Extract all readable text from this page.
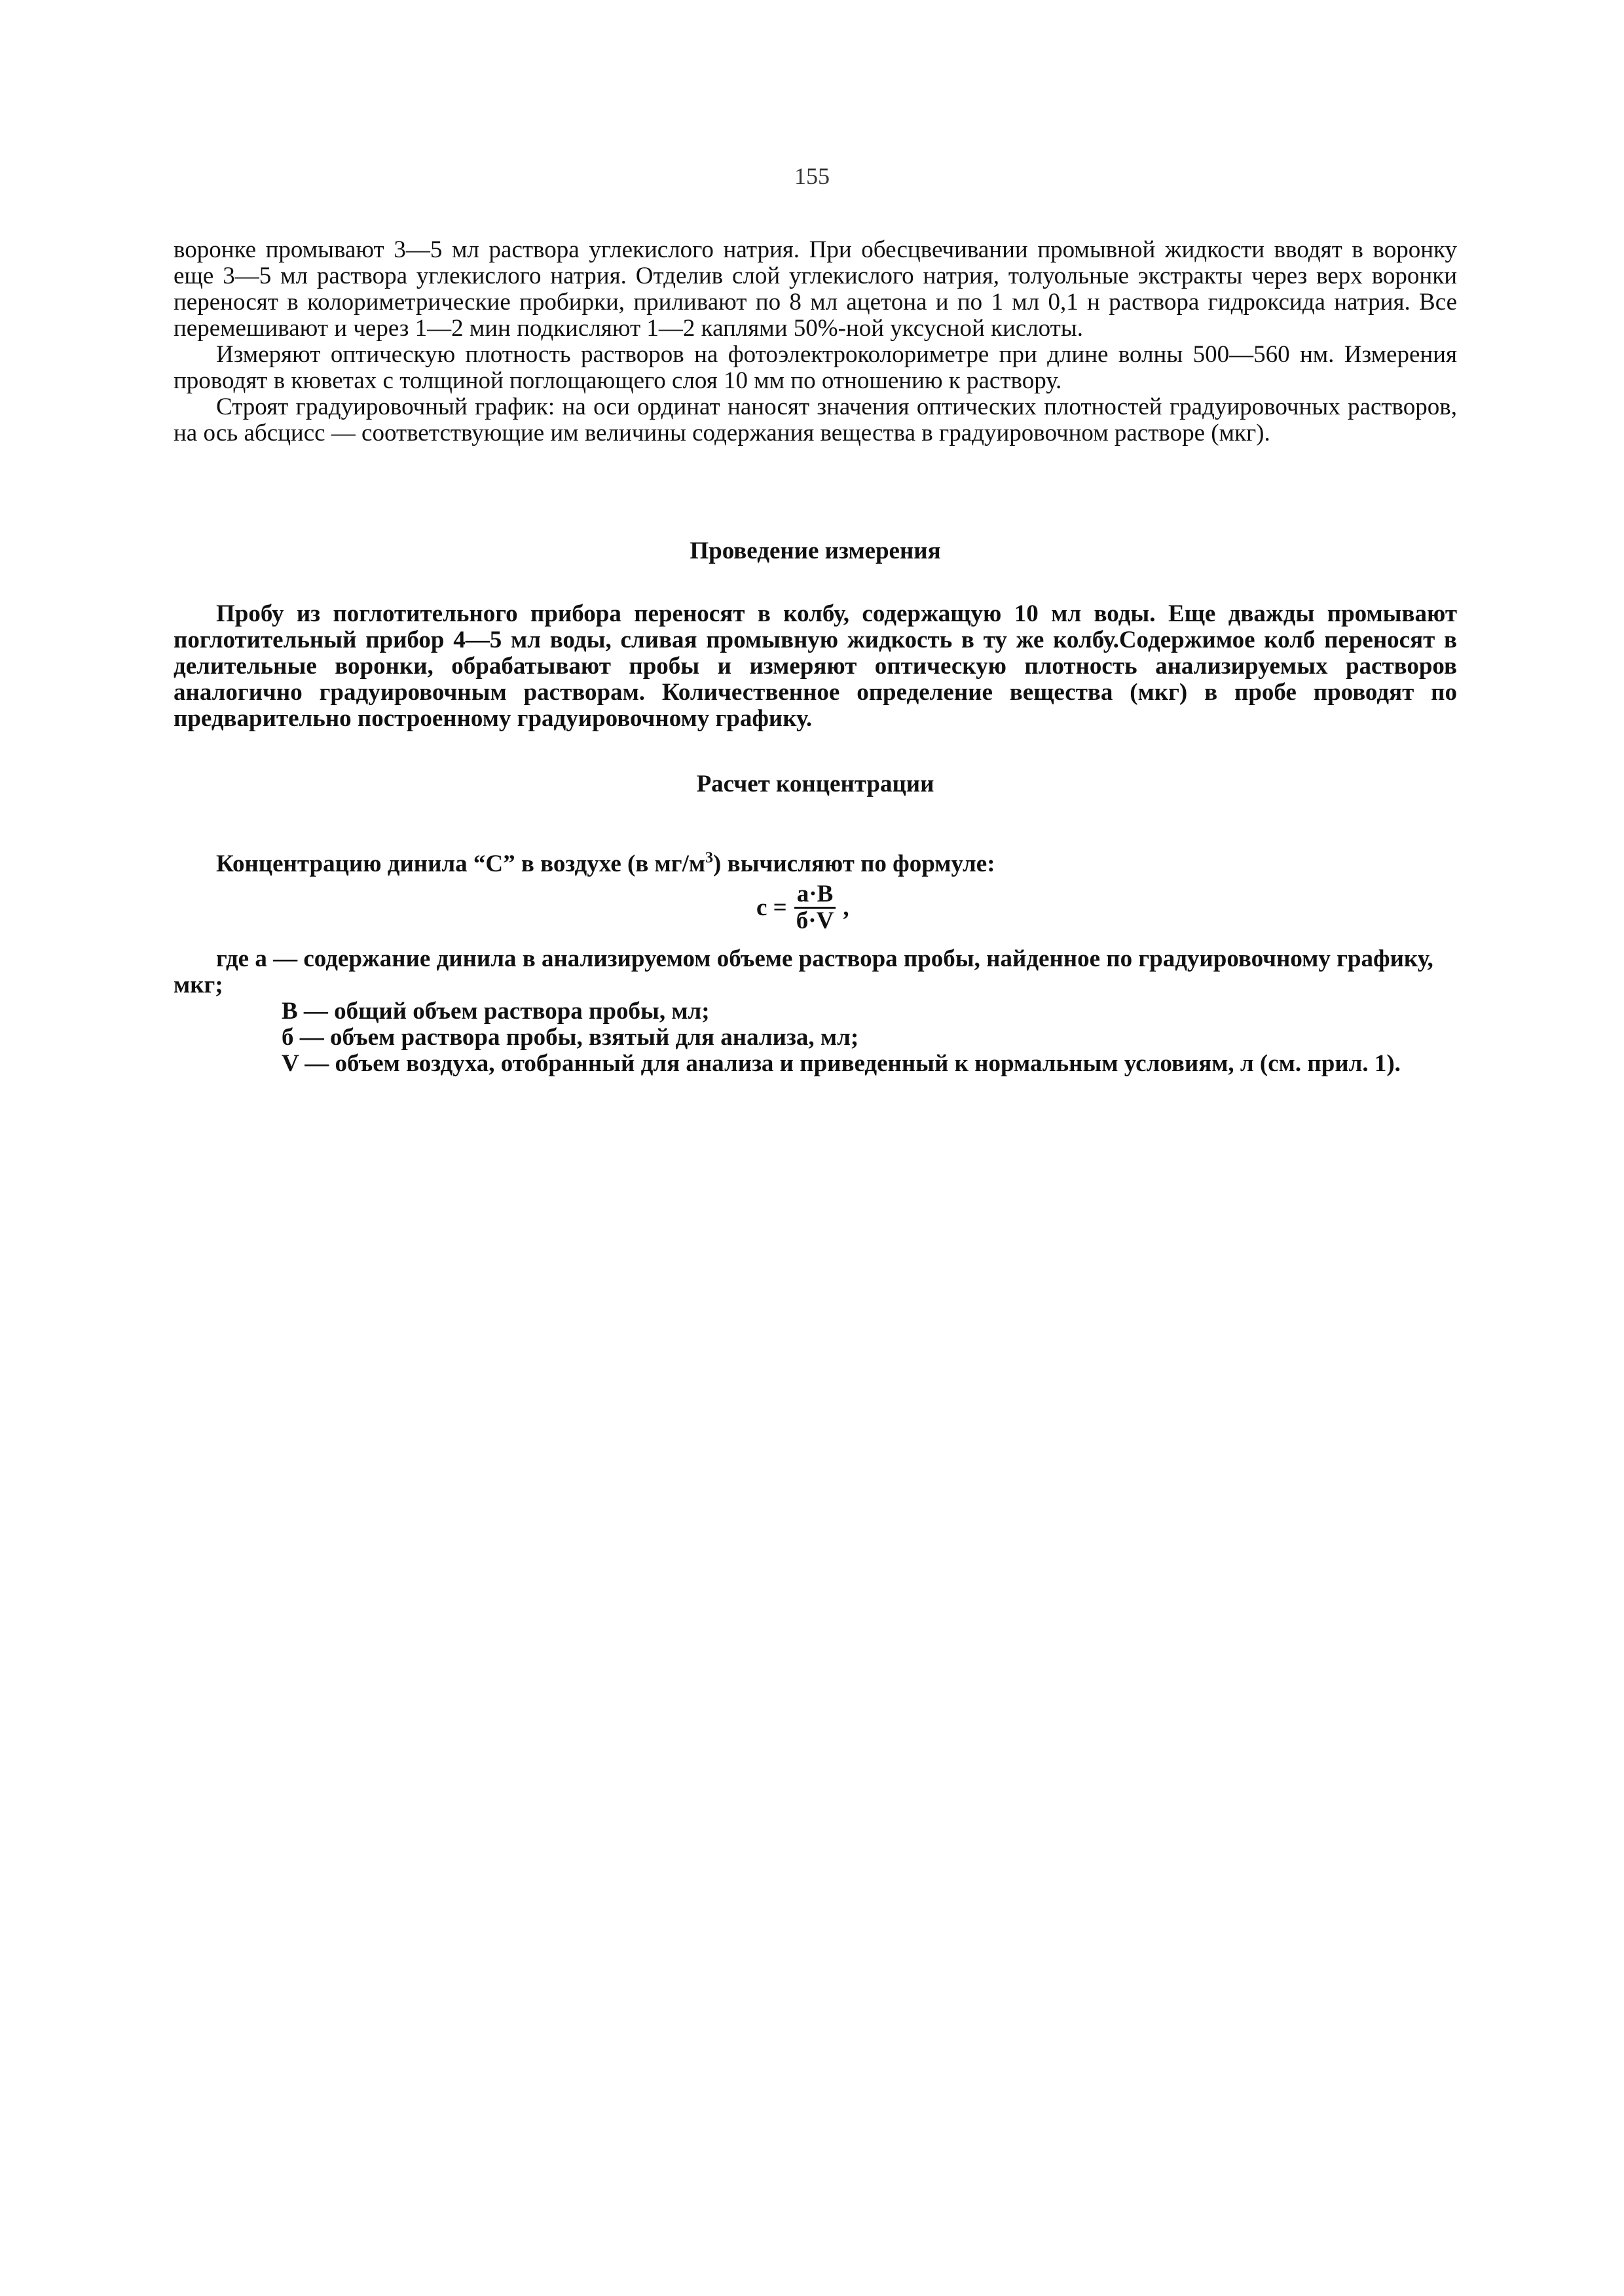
155

воронке промывают 3—5 мл раствора углекислого натрия. При обесцвечивании промывной жидкости вводят в воронку еще 3—5 мл раствора углекислого натрия. Отделив слой углекислого натрия, толуольные экстракты через верх воронки переносят в колориметрические пробирки, приливают по 8 мл ацетона и по 1 мл 0,1 н раствора гидроксида натрия. Все перемешивают и через 1—2 мин подкисляют 1—2 каплями 50%-ной уксусной кислоты.

Измеряют оптическую плотность растворов на фотоэлектроколориметре при длине волны 500—560 нм. Измерения проводят в кюветах с толщиной поглощающего слоя 10 мм по отношению к раствору.

Строят градуировочный график: на оси ординат наносят значения оптических плотностей градуировочных растворов, на ось абсцисс — соответствующие им величины содержания вещества в градуировочном растворе (мкг).

Проведение измерения

Пробу из поглотительного прибора переносят в колбу, содержащую 10 мл воды. Еще дважды промывают поглотительный прибор 4—5 мл воды, сливая промывную жидкость в ту же колбу.Содержимое колб переносят в делительные воронки, обрабатывают пробы и измеряют оптическую плотность анализируемых растворов аналогично градуировочным растворам. Количественное определение вещества (мкг) в пробе проводят по предварительно построенному градуировочному графику.

Расчет концентрации
Концентрацию динила “С” в воздухе (в $мг/м^3$) вычисляют по формуле:
$с = \frac{а\cdot В}{б\cdot V}$ ,

где а — содержание динила в анализируемом объеме раствора пробы, найденное по градуировочному графику, мкг;

В — общий объем раствора пробы, мл;

б — объем раствора пробы, взятый для анализа, мл;

V — объем воздуха, отобранный для анализа и приведенный к нормальным условиям, л (см. прил. 1).
